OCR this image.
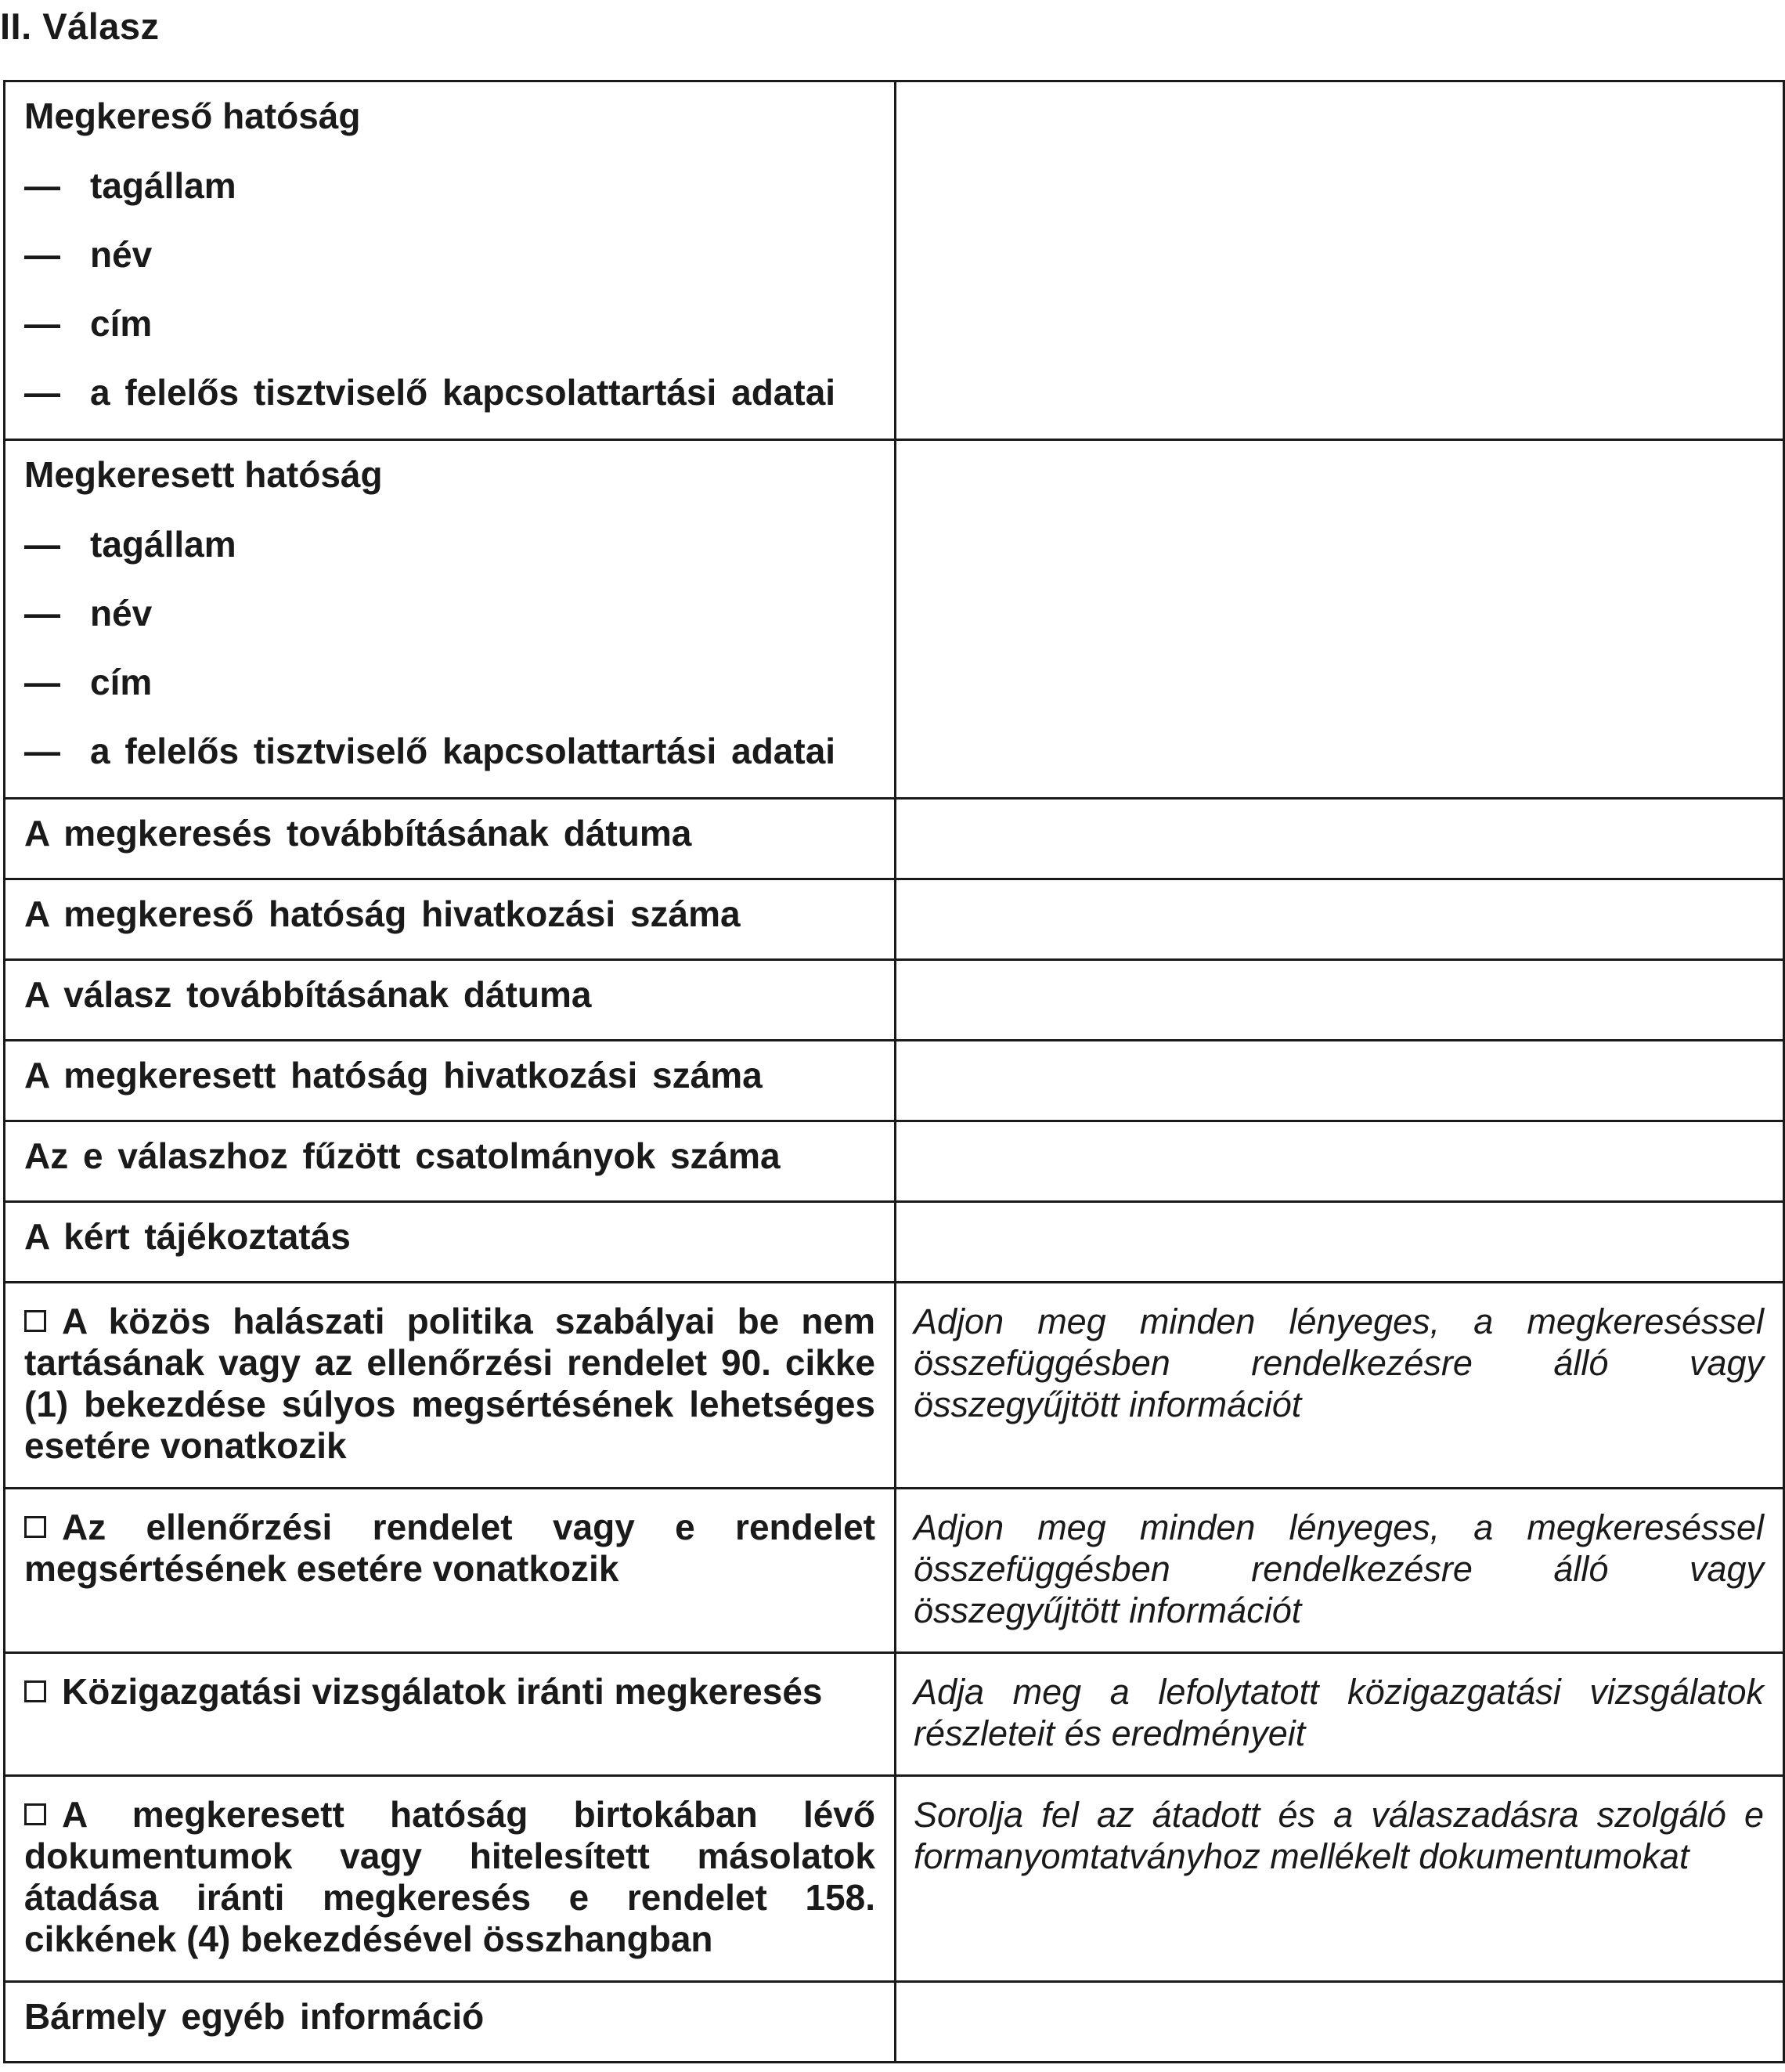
II. Válasz
Megkereső hatóság
— tagállam
— név
— cím
— a felelős tisztviselő kapcsolattartási adatai	

Megkeresett hatóság
— tagállam
— név
— cím
— a felelős tisztviselő kapcsolattartási adatai	

A megkeresés továbbításának dátuma	

A megkereső hatóság hivatkozási száma	

A válasz továbbításának dátuma	

A megkeresett hatóság hivatkozási száma	

Az e válaszhoz fűzött csatolmányok száma	

A kért tájékoztatás	

A közös halászati politika szabályai be nem tartásának vagy az ellenőrzési rendelet 90. cikke (1) bekezdése súlyos megsértésének lehetséges esetére vonatkozik	Adjon meg minden lényeges, a megkereséssel összefüggésben rendelkezésre álló vagy összegyűjtött információt

Az ellenőrzési rendelet vagy e rendelet megsértésének esetére vonatkozik	Adjon meg minden lényeges, a megkereséssel összefüggésben rendelkezésre álló vagy összegyűjtött információt

Közigazgatási vizsgálatok iránti megkeresés	Adja meg a lefolytatott közigazgatási vizsgálatok részleteit és eredményeit

A megkeresett hatóság birtokában lévő dokumentumok vagy hitelesített másolatok átadása iránti megkeresés e rendelet 158. cikkének (4) bekezdésével összhangban	Sorolja fel az átadott és a válaszadásra szolgáló e formanyomtatványhoz mellékelt dokumentumokat

Bármely egyéb információ	
